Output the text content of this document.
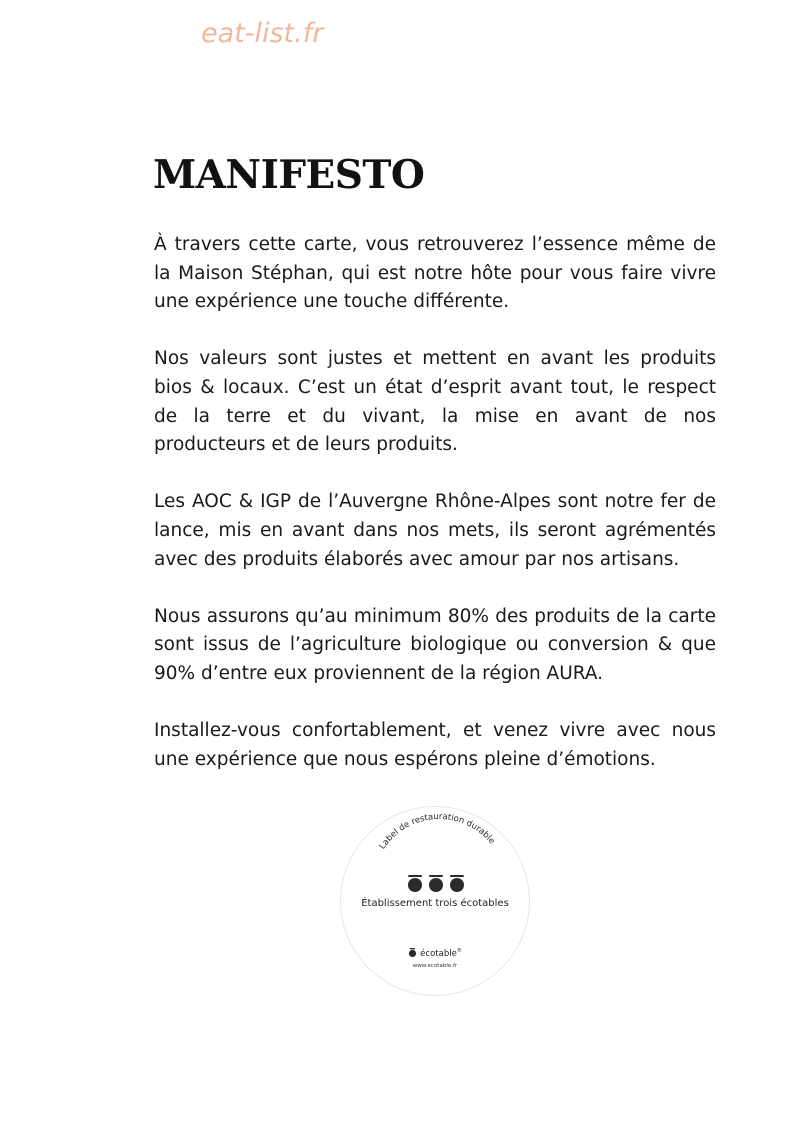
eat-list.fr
MANIFESTO

À travers cette carte, vous retrouverez l’essence même de la Maison Stéphan, qui est notre hôte pour vous faire vivre une expérience une touche différente.

Nos valeurs sont justes et mettent en avant les produits bios & locaux. C’est un état d’esprit avant tout, le respect de la terre et du vivant, la mise en avant de nos producteurs et de leurs produits.

Les AOC & IGP de l’Auvergne Rhône-Alpes sont notre fer de lance, mis en avant dans nos mets, ils seront agrémentés avec des produits élaborés avec amour par nos artisans.

Nous assurons qu’au minimum 80% des produits de la carte sont issus de l’agriculture biologique ou conversion & que 90% d’entre eux proviennent de la région AURA.

Installez-vous confortablement, et venez vivre avec nous une expérience que nous espérons pleine d’émotions.

Label de restauration durable
Établissement trois écotables
écotable®
www.ecotable.fr
